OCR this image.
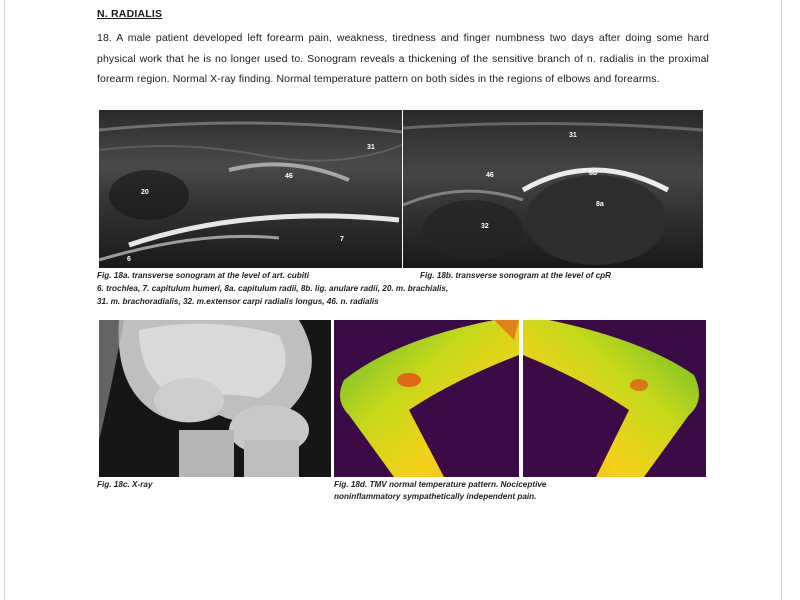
N. RADIALIS
18. A male patient developed left forearm pain, weakness, tiredness and finger numbness two days after doing some hard physical work that he is no longer used to. Sonogram reveals a thickening of the sensitive branch of n. radialis in the proximal forearm region. Normal X-ray finding. Normal temperature pattern on both sides in the regions of elbows and forearms.
31
46
20
7
6
31
46	8b
8a
32
Fig. 18a. transverse sonogram at the level of art. cubiti	Fig. 18b. transverse sonogram at the level of cpR
6. trochlea, 7. capitulum humeri, 8a. capitulum radii, 8b. lig. anulare radii, 20. m. brachialis,
31. m. brachoradialis, 32. m.extensor carpi radialis longus, 46. n. radialis
Fig. 18c. X-ray	Fig. 18d. TMV normal temperature pattern. Nociceptive
noninflammatory sympathetically independent pain.
